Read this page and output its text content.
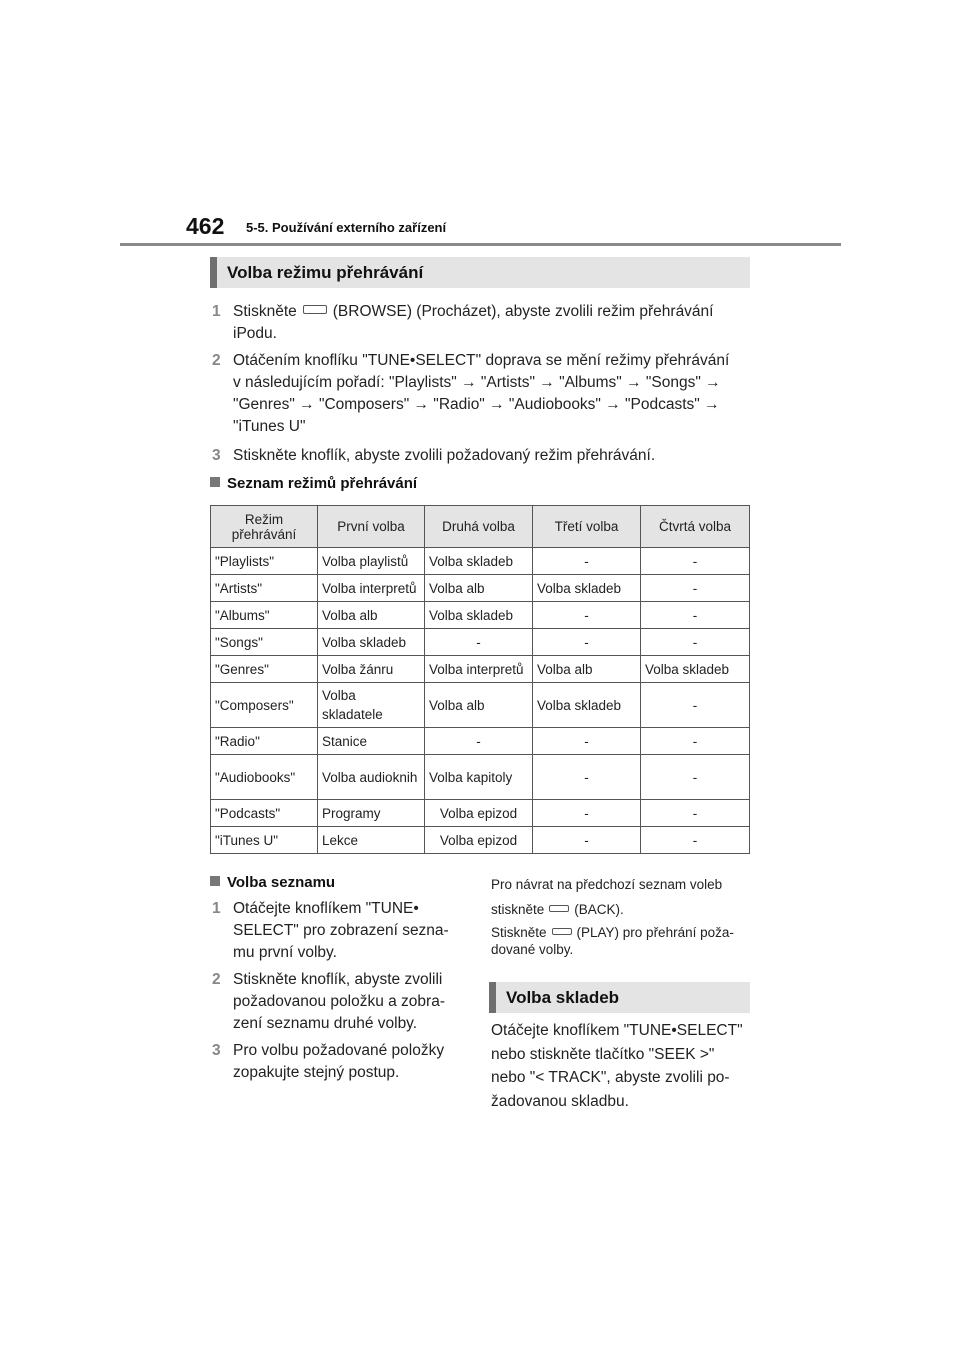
462 5-5. Používání externího zařízení
Volba režimu přehrávání
1 Stiskněte (BROWSE) (Procházet), abyste zvolili režim přehrávání
iPodu.
2 Otáčením knoflíku "TUNE•SELECT" doprava se mění režimy přehrávání
v následujícím pořadí: "Playlists" → "Artists" → "Albums" → "Songs" →
"Genres" → "Composers" → "Radio" → "Audiobooks" → "Podcasts" →
"iTunes U"
3 Stiskněte knoflík, abyste zvolili požadovaný režim přehrávání.
Seznam režimů přehrávání
Režim přehrávání	První volba	Druhá volba	Třetí volba	Čtvrtá volba
"Playlists"	Volba playlistů	Volba skladeb	-	-
"Artists"	Volba interpretů	Volba alb	Volba skladeb	-
"Albums"	Volba alb	Volba skladeb	-	-
"Songs"	Volba skladeb	-	-	-
"Genres"	Volba žánru	Volba interpretů	Volba alb	Volba skladeb
"Composers"	Volba skladatele	Volba alb	Volba skladeb	-
"Radio"	Stanice	-	-	-
"Audiobooks"	Volba audioknih	Volba kapitoly	-	-
"Podcasts"	Programy	Volba epizod	-	-
"iTunes U"	Lekce	Volba epizod	-	-
Volba seznamu
1 Otáčejte knoflíkem "TUNE•
SELECT" pro zobrazení sezna-
mu první volby.
2 Stiskněte knoflík, abyste zvolili
požadovanou položku a zobra-
zení seznamu druhé volby.
3 Pro volbu požadované položky
zopakujte stejný postup.
Pro návrat na předchozí seznam voleb
stiskněte (BACK).
Stiskněte (PLAY) pro přehrání poža-
dované volby.
Volba skladeb
Otáčejte knoflíkem "TUNE•SELECT"
nebo stiskněte tlačítko "SEEK >"
nebo "< TRACK", abyste zvolili po-
žadovanou skladbu.
